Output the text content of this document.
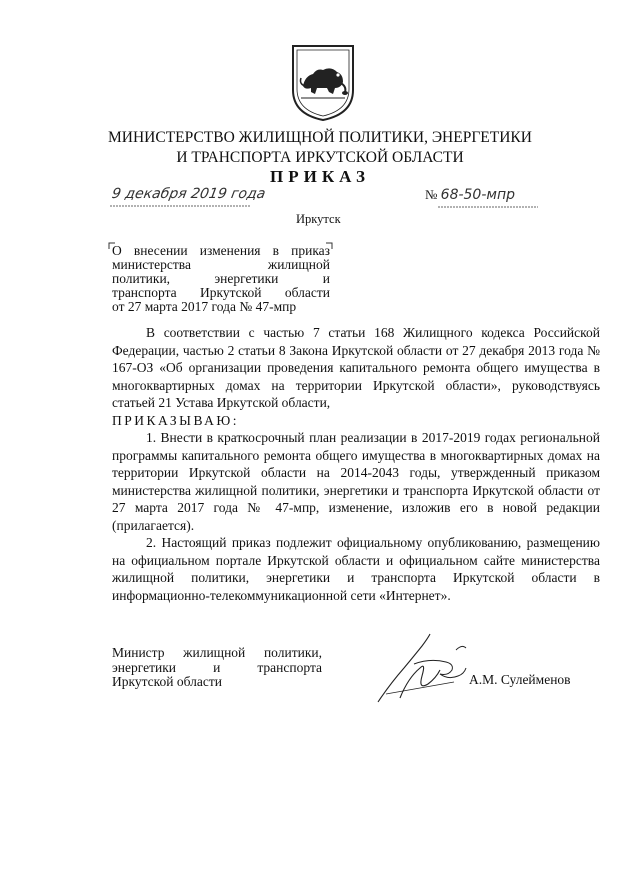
МИНИСТЕРСТВО ЖИЛИЩНОЙ ПОЛИТИКИ, ЭНЕРГЕТИКИ
И ТРАНСПОРТА ИРКУТСКОЙ ОБЛАСТИ
ПРИКАЗ
9 декабря 2019 года	№ 68-50-мпр
Иркутск
О внесении изменения в приказ
министерства жилищной
политики, энергетики и
транспорта Иркутской области
от 27 марта 2017 года № 47-мпр

В соответствии с частью 7 статьи 168 Жилищного кодекса Российской Федерации, частью 2 статьи 8 Закона Иркутской области от 27 декабря 2013 года № 167-ОЗ «Об организации проведения капитального ремонта общего имущества в многоквартирных домах на территории Иркутской области», руководствуясь статьей 21 Устава Иркутской области,

ПРИКАЗЫВАЮ:

1. Внести в краткосрочный план реализации в 2017-2019 годах региональной программы капитального ремонта общего имущества в многоквартирных домах на территории Иркутской области на 2014-2043 годы, утвержденный приказом министерства жилищной политики, энергетики и транспорта Иркутской области от 27 марта 2017 года № 47-мпр, изменение, изложив его в новой редакции (прилагается).

2. Настоящий приказ подлежит официальному опубликованию, размещению на официальном портале Иркутской области и официальном сайте министерства жилищной политики, энергетики и транспорта Иркутской области в информационно-телекоммуникационной сети «Интернет».

Министр жилищной политики,
энергетики и транспорта
Иркутской области	А.М. Сулейменов
